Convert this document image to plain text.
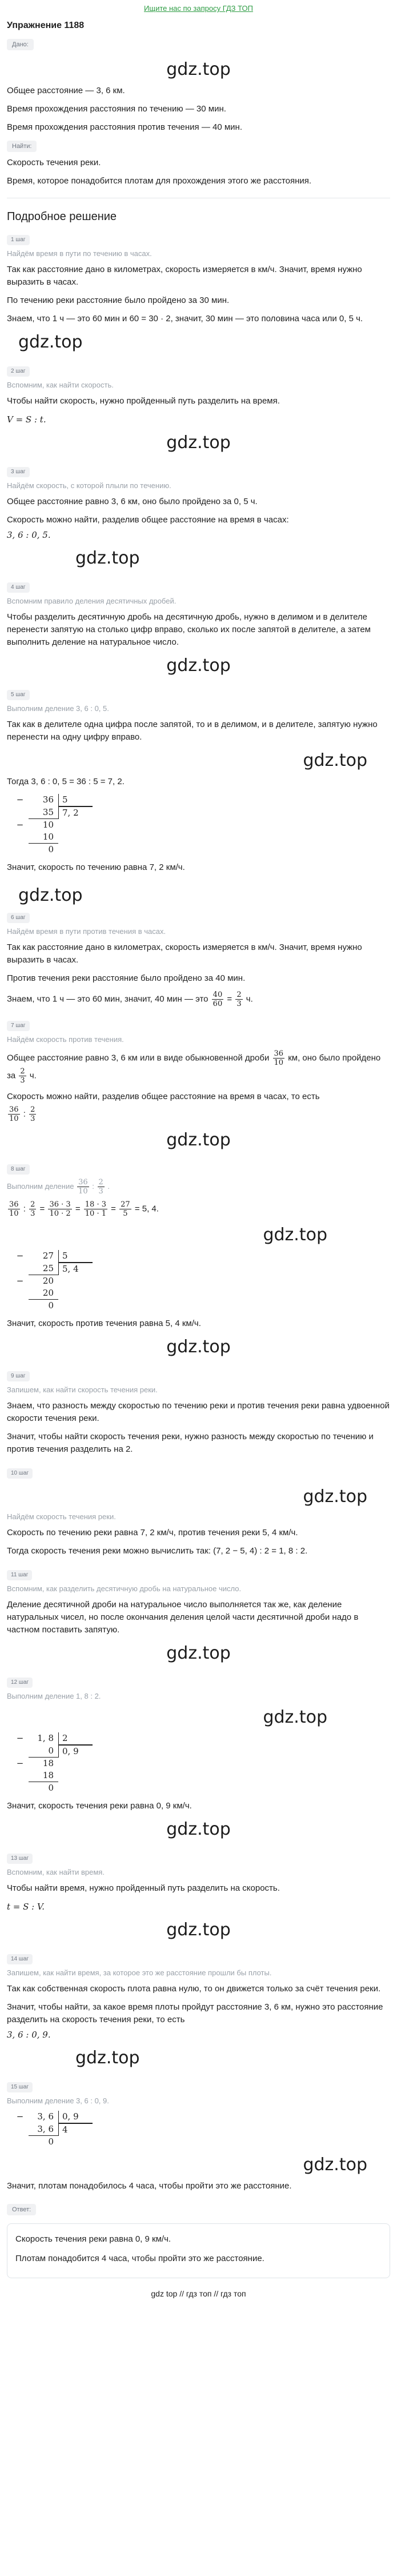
Ищите нас по запросу ГДЗ ТОП
Упражнение 1188
Дано:
gdz.top

Общее расстояние — 3, 6 км.

Время прохождения расстояния по течению — 30 мин.

Время прохождения расстояния против течения — 40 мин.

Найти:

Скорость течения реки.

Время, которое понадобится плотам для прохождения этого же расстояния.

Подробное решение
1 шаг

Найдём время в пути по течению в часах.

Так как расстояние дано в километрах, скорость измеряется в км/ч. Значит, время нужно выразить в часах.

По течению реки расстояние было пройдено за 30 мин.

Знаем, что 1 ч — это 60 мин и 60 = 30 · 2, значит, 30 мин — это половина часа или 0, 5 ч.

gdz.top
2 шаг

Вспомним, как найти скорость.

Чтобы найти скорость, нужно пройденный путь разделить на время.

V = S : t.

gdz.top
3 шаг

Найдём скорость, с которой плыли по течению.

Общее расстояние равно 3, 6 км, оно было пройдено за 0, 5 ч.

Скорость можно найти, разделив общее расстояние на время в часах:

3, 6 : 0, 5.

gdz.top
4 шаг

Вспомним правило деления десятичных дробей.

Чтобы разделить десятичную дробь на десятичную дробь, нужно в делимом и в делителе перенести запятую на столько цифр вправо, сколько их после запятой в делителе, а затем выполнить деление на натуральное число.

gdz.top
5 шаг

Выполним деление 3, 6 : 0, 5.

Так как в делителе одна цифра после запятой, то и в делимом, и в делителе, запятую нужно перенести на одну цифру вправо.

gdz.top

Тогда 3, 6 : 0, 5 = 36 : 5 = 7, 2.

−	36	5
35	7, 2
−	10
10
0

Значит, скорость по течению равна 7, 2 км/ч.

gdz.top
6 шаг

Найдём время в пути против течения в часах.

Так как расстояние дано в километрах, скорость измеряется в км/ч. Значит, время нужно выразить в часах.

Против течения реки расстояние было пройдено за 40 мин.

Знаем, что 1 ч — это 60 мин, значит, 40 мин — это $\frac{40}{60} = \frac{2}{3} ч$.

7 шаг

Найдём скорость против течения.

Общее расстояние равно 3, 6 км или в виде обыкновенной дроби $\frac{36}{10}$ км, оно было пройдено за $\frac{2}{3} ч$.

Скорость можно найти, разделив общее расстояние на время в часах, то есть

$\frac{36}{10}$ : $\frac{2}{3}$

gdz.top
8 шаг

Выполним деление $\frac{36}{10}$ : $\frac{2}{3}$ .

$\frac{36}{10}$ : $\frac{2}{3} = \frac{36 \cdot 3}{10 \cdot 2} = \frac{18 \cdot 3}{10 \cdot 1} = \frac{27}{5} = 5$, 4.

gdz.top
−	27	5
25	5, 4
−	20
20
0

Значит, скорость против течения равна 5, 4 км/ч.

gdz.top
9 шаг

Запишем, как найти скорость течения реки.

Знаем, что разность между скоростью по течению реки и против течения реки равна удвоенной скорости течения реки.

Значит, чтобы найти скорость течения реки, нужно разность между скоростью по течению и против течения разделить на 2.

10 шаг
gdz.top

Найдём скорость течения реки.

Скорость по течению реки равна 7, 2 км/ч, против течения реки 5, 4 км/ч.

Тогда скорость течения реки можно вычислить так: (7, 2 − 5, 4) : 2 = 1, 8 : 2.

11 шаг

Вспомним, как разделить десятичную дробь на натуральное число.

Деление десятичной дроби на натуральное число выполняется так же, как деление натуральных чисел, но после окончания деления целой части десятичной дроби надо в частном поставить запятую.

gdz.top
12 шаг

Выполним деление 1, 8 : 2.

gdz.top
−	1, 8	2
0	0, 9
−	18
18
0

Значит, скорость течения реки равна 0, 9 км/ч.

gdz.top
13 шаг

Вспомним, как найти время.

Чтобы найти время, нужно пройденный путь разделить на скорость.

t = S : V.

gdz.top
14 шаг

Запишем, как найти время, за которое это же расстояние прошли бы плоты.

Так как собственная скорость плота равна нулю, то он движется только за счёт течения реки.

Значит, чтобы найти, за какое время плоты пройдут расстояние 3, 6 км, нужно это расстояние разделить на скорость течения реки, то есть

3, 6 : 0, 9.

gdz.top
15 шаг

Выполним деление 3, 6 : 0, 9.

−	3, 6	0, 9
3, 6	4
0
gdz.top

Значит, плотам понадобилось 4 часа, чтобы пройти это же расстояние.

Ответ:

Скорость течения реки равна 0, 9 км/ч.

Плотам понадобится 4 часа, чтобы пройти это же расстояние.

gdz top // гдз топ // гдз топ
